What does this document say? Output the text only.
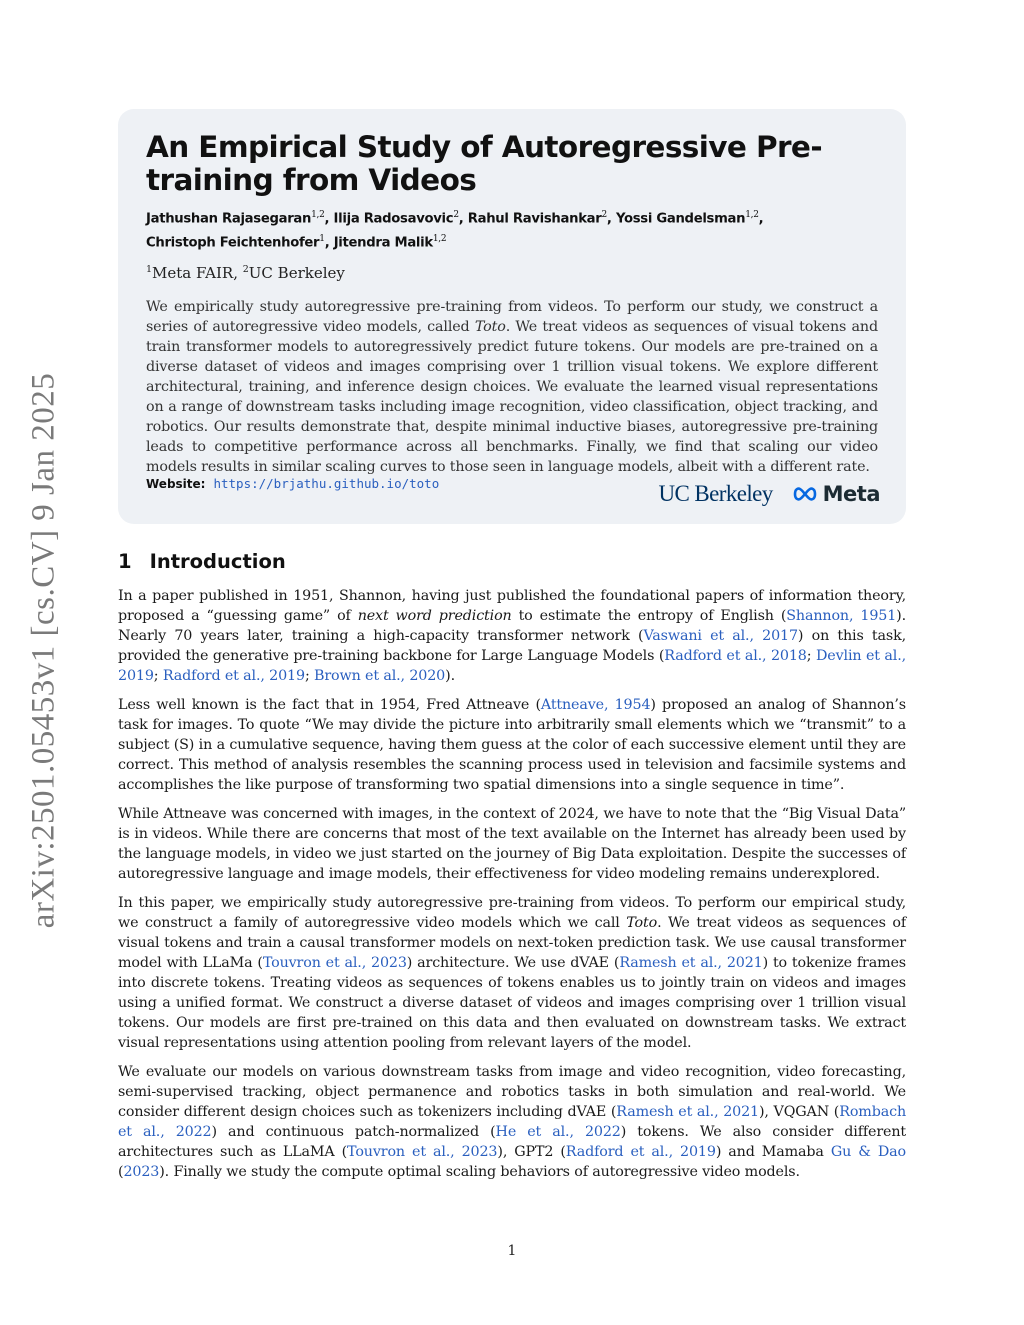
arXiv:2501.05453v1 [cs.CV] 9 Jan 2025
An Empirical Study of Autoregressive Pre-training from Videos
Jathushan Rajasegaran$^{1,2}$, Ilija Radosavovic$^2$, Rahul Ravishankar$^2$, Yossi Gandelsman$^{1,2}$,
Christoph Feichtenhofer$^1$, Jitendra Malik$^{1,2}$
$^1$Meta FAIR, $^2$UC Berkeley
We empirically study autoregressive pre-training from videos. To perform our study, we construct a series of autoregressive video models, called Toto. We treat videos as sequences of visual tokens and train transformer models to autoregressively predict future tokens. Our models are pre-trained on a diverse dataset of videos and images comprising over 1 trillion visual tokens. We explore different architectural, training, and inference design choices. We evaluate the learned visual representations on a range of downstream tasks including image recognition, video classification, object tracking, and robotics. Our results demonstrate that, despite minimal inductive biases, autoregressive pre-training leads to competitive performance across all benchmarks. Finally, we find that scaling our video models results in similar scaling curves to those seen in language models, albeit with a different rate.
Website: https://brjathu.github.io/toto	UC Berkeley Meta
1 Introduction

In a paper published in 1951, Shannon, having just published the foundational papers of information theory, proposed a “guessing game” of next word prediction to estimate the entropy of English (Shannon, 1951). Nearly 70 years later, training a high-capacity transformer network (Vaswani et al., 2017) on this task, provided the generative pre-training backbone for Large Language Models (Radford et al., 2018; Devlin et al., 2019; Radford et al., 2019; Brown et al., 2020).

Less well known is the fact that in 1954, Fred Attneave (Attneave, 1954) proposed an analog of Shannon’s task for images. To quote “We may divide the picture into arbitrarily small elements which we “transmit” to a subject (S) in a cumulative sequence, having them guess at the color of each successive element until they are correct. This method of analysis resembles the scanning process used in television and facsimile systems and accomplishes the like purpose of transforming two spatial dimensions into a single sequence in time”.

While Attneave was concerned with images, in the context of 2024, we have to note that the “Big Visual Data” is in videos. While there are concerns that most of the text available on the Internet has already been used by the language models, in video we just started on the journey of Big Data exploitation. Despite the successes of autoregressive language and image models, their effectiveness for video modeling remains underexplored.

In this paper, we empirically study autoregressive pre-training from videos. To perform our empirical study, we construct a family of autoregressive video models which we call Toto. We treat videos as sequences of visual tokens and train a causal transformer models on next-token prediction task. We use causal transformer model with LLaMa (Touvron et al., 2023) architecture. We use dVAE (Ramesh et al., 2021) to tokenize frames into discrete tokens. Treating videos as sequences of tokens enables us to jointly train on videos and images using a unified format. We construct a diverse dataset of videos and images comprising over 1 trillion visual tokens. Our models are first pre-trained on this data and then evaluated on downstream tasks. We extract visual representations using attention pooling from relevant layers of the model.

We evaluate our models on various downstream tasks from image and video recognition, video forecasting, semi-supervised tracking, object permanence and robotics tasks in both simulation and real-world. We consider different design choices such as tokenizers including dVAE (Ramesh et al., 2021), VQGAN (Rombach et al., 2022) and continuous patch-normalized (He et al., 2022) tokens. We also consider different architectures such as LLaMA (Touvron et al., 2023), GPT2 (Radford et al., 2019) and Mamaba Gu & Dao (2023). Finally we study the compute optimal scaling behaviors of autoregressive video models.

1
